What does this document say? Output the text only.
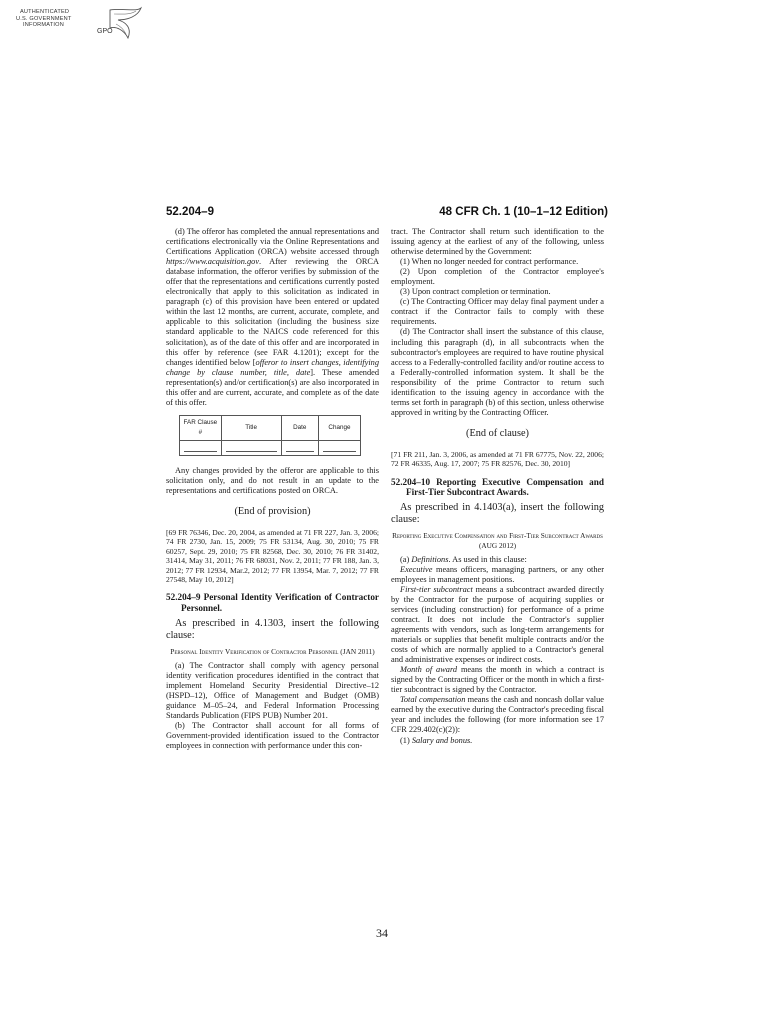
AUTHENTICATED
U.S. GOVERNMENT
INFORMATION
GPO
52.204–9	48 CFR Ch. 1 (10–1–12 Edition)

(d) The offeror has completed the annual representations and certifications electronically via the Online Representations and Certifications Application (ORCA) website accessed through https://www.acquisition.gov. After reviewing the ORCA database information, the offeror verifies by submission of the offer that the representations and certifications currently posted electronically that apply to this solicitation as indicated in paragraph (c) of this provision have been entered or updated within the last 12 months, are current, accurate, complete, and applicable to this solicitation (including the business size standard applicable to the NAICS code referenced for this solicitation), as of the date of this offer and are incorporated in this offer by reference (see FAR 4.1201); except for the changes identified below [offeror to insert changes, identifying change by clause number, title, date]. These amended representation(s) and/or certification(s) are also incorporated in this offer and are current, accurate, and complete as of the date of this offer.

FAR Clause #	Title	Date	Change

Any changes provided by the offeror are applicable to this solicitation only, and do not result in an update to the representations and certifications posted on ORCA.

(End of provision)

[69 FR 76346, Dec. 20, 2004, as amended at 71 FR 227, Jan. 3, 2006; 74 FR 2730, Jan. 15, 2009; 75 FR 53134, Aug. 30, 2010; 75 FR 60257, Sept. 29, 2010; 75 FR 82568, Dec. 30, 2010; 76 FR 31402, 31414, May 31, 2011; 76 FR 68031, Nov. 2, 2011; 77 FR 188, Jan. 3, 2012; 77 FR 12934, Mar.2, 2012; 77 FR 13954, Mar. 7, 2012; 77 FR 27548, May 10, 2012]

52.204–9 Personal Identity Verification of Contractor Personnel.

As prescribed in 4.1303, insert the following clause:

Personal Identity Verification of Contractor Personnel (JAN 2011)

(a) The Contractor shall comply with agency personal identity verification procedures identified in the contract that implement Homeland Security Presidential Directive–12 (HSPD–12), Office of Management and Budget (OMB) guidance M–05–24, and Federal Information Processing Standards Publication (FIPS PUB) Number 201.

(b) The Contractor shall account for all forms of Government-provided identification issued to the Contractor employees in connection with performance under this con-

tract. The Contractor shall return such identification to the issuing agency at the earliest of any of the following, unless otherwise determined by the Government:

(1) When no longer needed for contract performance.

(2) Upon completion of the Contractor employee's employment.

(3) Upon contract completion or termination.

(c) The Contracting Officer may delay final payment under a contract if the Contractor fails to comply with these requirements.

(d) The Contractor shall insert the substance of this clause, including this paragraph (d), in all subcontracts when the subcontractor's employees are required to have routine physical access to a Federally-controlled facility and/or routine access to a Federally-controlled information system. It shall be the responsibility of the prime Contractor to return such identification to the issuing agency in accordance with the terms set forth in paragraph (b) of this section, unless otherwise approved in writing by the Contracting Officer.

(End of clause)

[71 FR 211, Jan. 3, 2006, as amended at 71 FR 67775, Nov. 22, 2006; 72 FR 46335, Aug. 17, 2007; 75 FR 82576, Dec. 30, 2010]

52.204–10 Reporting Executive Compensation and First-Tier Subcontract Awards.

As prescribed in 4.1403(a), insert the following clause:

Reporting Executive Compensation and First-Tier Subcontract Awards (AUG 2012)

(a) Definitions. As used in this clause:

Executive means officers, managing partners, or any other employees in management positions.

First-tier subcontract means a subcontract awarded directly by the Contractor for the purpose of acquiring supplies or services (including construction) for performance of a prime contract. It does not include the Contractor's supplier agreements with vendors, such as long-term arrangements for materials or supplies that benefit multiple contracts and/or the costs of which are normally applied to a Contractor's general and administrative expenses or indirect costs.

Month of award means the month in which a contract is signed by the Contracting Officer or the month in which a first-tier subcontract is signed by the Contractor.

Total compensation means the cash and noncash dollar value earned by the executive during the Contractor's preceding fiscal year and includes the following (for more information see 17 CFR 229.402(c)(2)):

(1) Salary and bonus.

34
